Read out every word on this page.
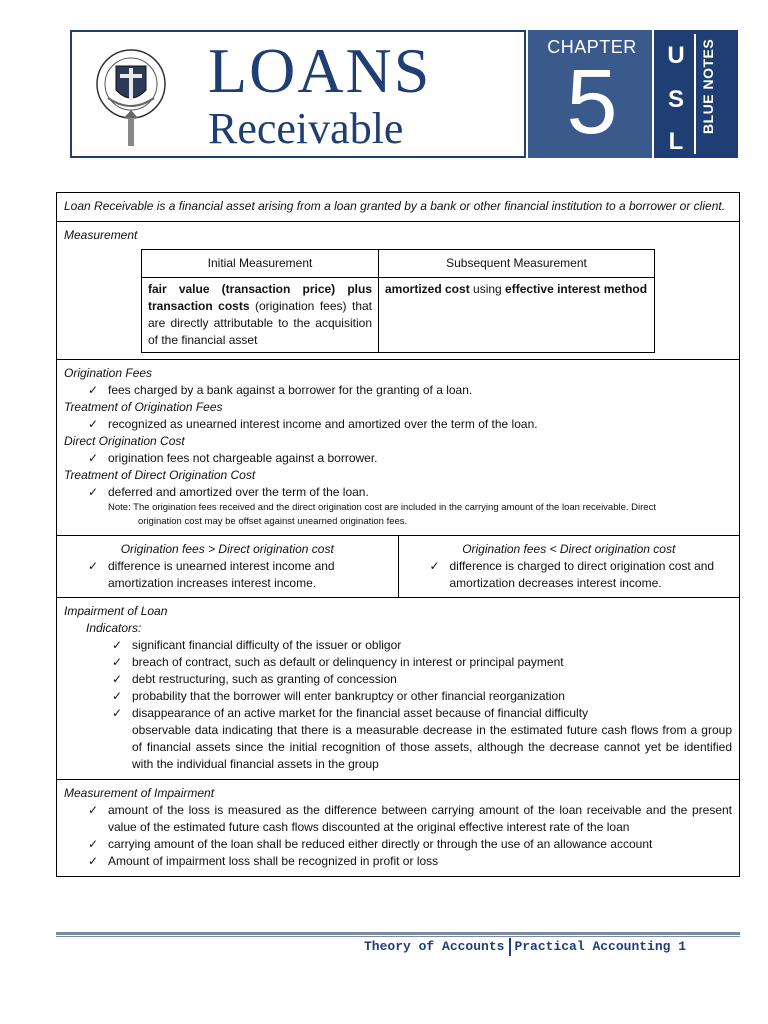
LOANS
Receivable
CHAPTER
5	U
S
L
BLUE NOTES
Loan Receivable is a financial asset arising from a loan granted by a bank or other financial institution to a borrower or client.
Measurement
Initial Measurement	Subsequent Measurement
fair value (transaction price) plus transaction costs (origination fees) that are directly attributable to the acquisition of the financial asset	amortized cost using effective interest method
Origination Fees
✓ fees charged by a bank against a borrower for the granting of a loan.
Treatment of Origination Fees
✓ recognized as unearned interest income and amortized over the term of the loan.
Direct Origination Cost
✓ origination fees not chargeable against a borrower.
Treatment of Direct Origination Cost
✓ deferred and amortized over the term of the loan.
Note: The origination fees received and the direct origination cost are included in the carrying amount of the loan receivable. Direct
origination cost may be offset against unearned origination fees.
Origination fees > Direct origination cost
✓ difference is unearned interest income and amortization increases interest income.
Origination fees < Direct origination cost
✓ difference is charged to direct origination cost and amortization decreases interest income.
Impairment of Loan
Indicators:
✓ significant financial difficulty of the issuer or obligor
✓ breach of contract, such as default or delinquency in interest or principal payment
✓ debt restructuring, such as granting of concession
✓ probability that the borrower will enter bankruptcy or other financial reorganization
✓ disappearance of an active market for the financial asset because of financial difficulty
observable data indicating that there is a measurable decrease in the estimated future cash flows from a group of financial assets since the initial recognition of those assets, although the decrease cannot yet be identified with the individual financial assets in the group
Measurement of Impairment
✓ amount of the loss is measured as the difference between carrying amount of the loan receivable and the present value of the estimated future cash flows discounted at the original effective interest rate of the loan
✓ carrying amount of the loan shall be reduced either directly or through the use of an allowance account
✓ Amount of impairment loss shall be recognized in profit or loss
Theory of Accounts Practical Accounting 1
